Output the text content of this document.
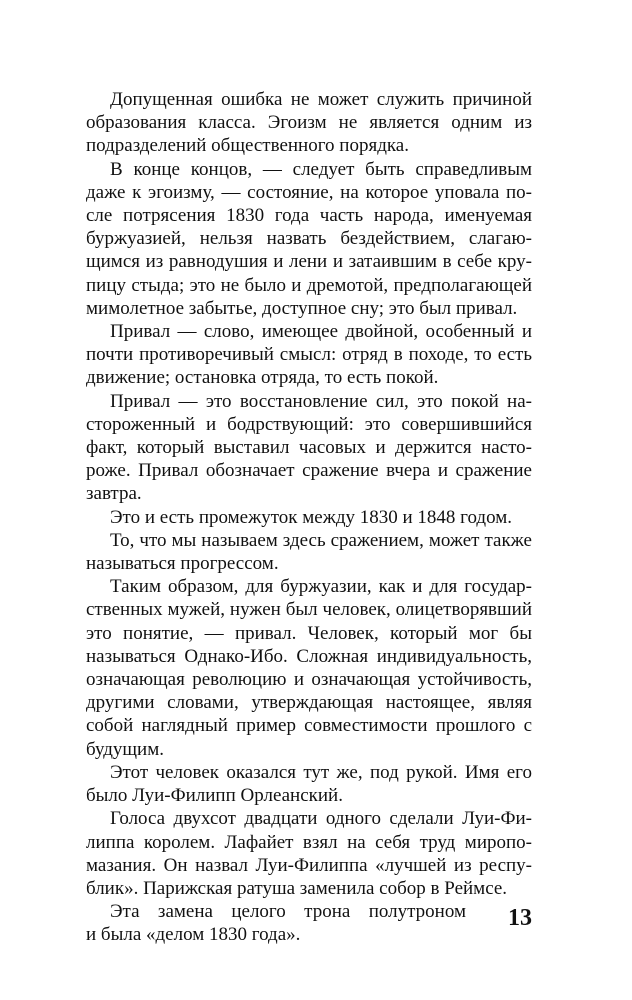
Допущенная ошибка не может служить причиной образования класса. Эгоизм не является одним из подразделений общественного порядка.

В конце концов, — следует быть справедливым даже к эгоизму, — состояние, на которое уповала после потрясения 1830 года часть народа, именуемая буржуазией, нельзя назвать бездействием, слагающимся из равнодушия и лени и затаившим в себе крупицу стыда; это не было и дремотой, предполагающей мимолетное забытье, доступное сну; это был привал.

Привал — слово, имеющее двойной, особенный и почти противоречивый смысл: отряд в походе, то есть движение; остановка отряда, то есть покой.

Привал — это восстановление сил, это покой настороженный и бодрствующий: это совершившийся факт, который выставил часовых и держится настороже. Привал обозначает сражение вчера и сражение завтра.

Это и есть промежуток между 1830 и 1848 годом.

То, что мы называем здесь сражением, может также называться прогрессом.

Таким образом, для буржуазии, как и для государственных мужей, нужен был человек, олицетворявший это понятие, — привал. Человек, который мог бы называться Однако-Ибо. Сложная индивидуальность, означающая революцию и означающая устойчивость, другими словами, утверждающая настоящее, являя собой наглядный пример совместимости прошлого с будущим.

Этот человек оказался тут же, под рукой. Имя его было Луи-Филипп Орлеанский.

Голоса двухсот двадцати одного сделали Луи-Филиппа королем. Лафайет взял на себя труд миропомазания. Он назвал Луи-Филиппа «лучшей из республик». Парижская ратуша заменила собор в Реймсе.

Эта замена целого трона полутроном
и была «делом 1830 года».
13
